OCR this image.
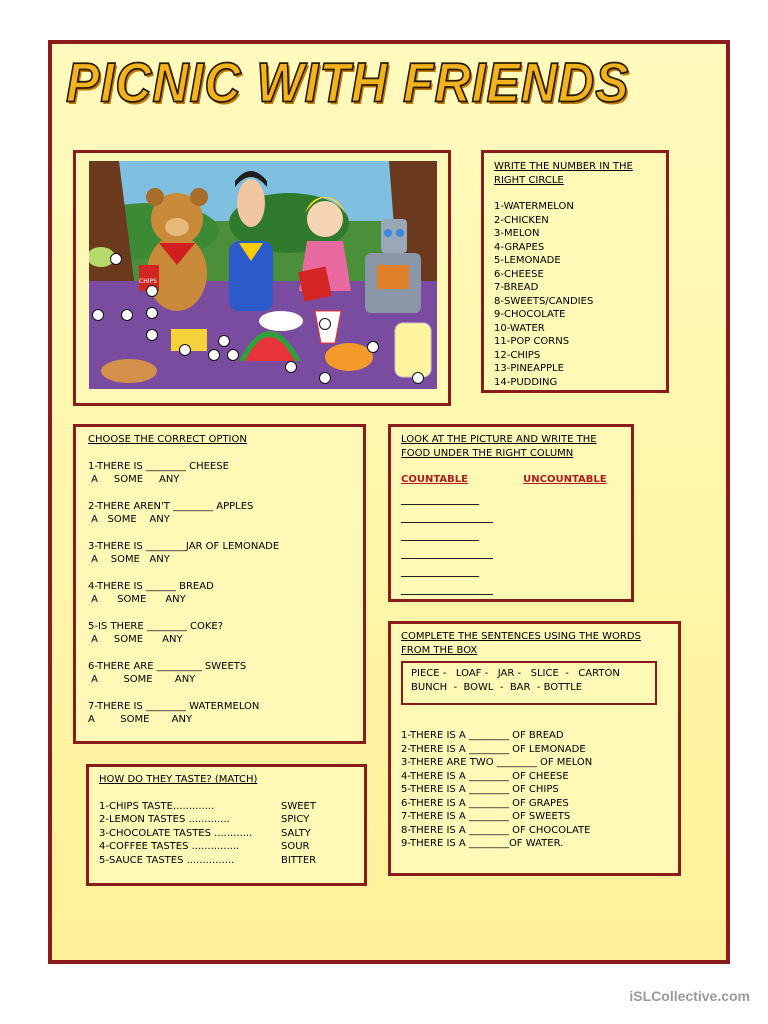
PICNIC WITH FRIENDS
CHIPS
WRITE THE NUMBER IN THE
RIGHT CIRCLE
1-WATERMELON
2-CHICKEN
3-MELON
4-GRAPES
5-LEMONADE
6-CHEESE
7-BREAD
8-SWEETS/CANDIES
9-CHOCOLATE
10-WATER
11-POP CORNS
12-CHIPS
13-PINEAPPLE
14-PUDDING
CHOOSE THE CORRECT OPTION
1-THERE IS ________ CHEESE
A     SOME     ANY
2-THERE AREN'T ________ APPLES
A   SOME    ANY
3-THERE IS ________JAR OF LEMONADE
A    SOME   ANY
4-THERE IS ______ BREAD
A      SOME      ANY
5-IS THERE ________ COKE?
A     SOME      ANY
6-THERE ARE _________ SWEETS
A        SOME       ANY
7-THERE IS ________ WATERMELON
A        SOME       ANY
LOOK AT THE PICTURE AND WRITE THE
FOOD UNDER THE RIGHT COLUMN
COUNTABLE	UNCOUNTABLE
COMPLETE THE SENTENCES USING THE WORDS
FROM THE BOX
PIECE -   LOAF -   JAR -   SLICE  -   CARTON
BUNCH  -  BOWL  -  BAR  - BOTTLE
1-THERE IS A ________ OF BREAD
2-THERE IS A ________ OF LEMONADE
3-THERE ARE TWO ________ OF MELON
4-THERE IS A ________ OF CHEESE
5-THERE IS A ________ OF CHIPS
6-THERE IS A ________ OF GRAPES
7-THERE IS A ________ OF SWEETS
8-THERE IS A ________ OF CHOCOLATE
9-THERE IS A ________OF WATER.
HOW DO THEY TASTE? (MATCH)
1-CHIPS TASTE.............
2-LEMON TASTES .............
3-CHOCOLATE TASTES ............
4-COFFEE TASTES ...............
5-SAUCE TASTES ...............
SWEET
SPICY
SALTY
SOUR
BITTER
iSLCollective.com
